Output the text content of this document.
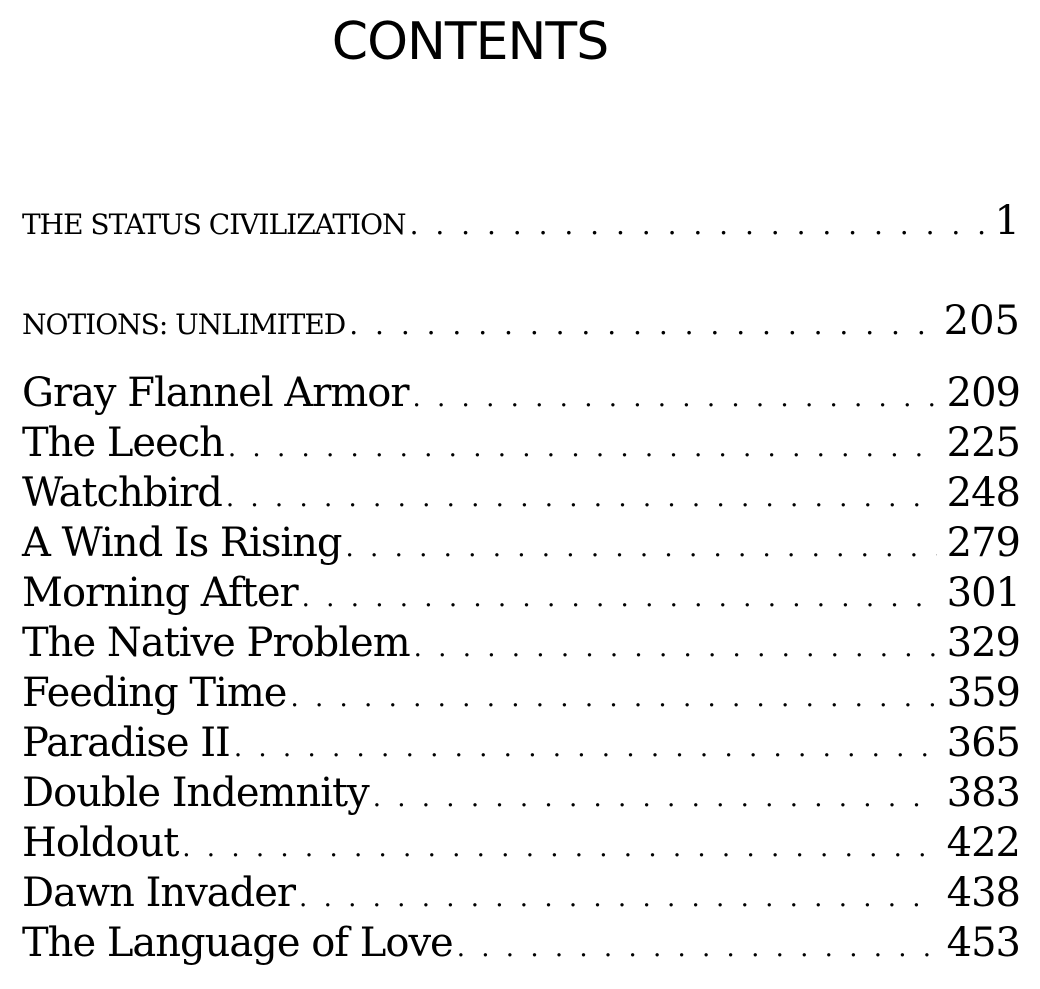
CONTENTS
THE STATUS CIVILIZATION . . .	1
NOTIONS: UNLIMITED . . .	205
Gray Flannel Armor . . .	209
The Leech . . .	225
Watchbird . . .	248
A Wind Is Rising . . .	279
Morning After . . .	301
The Native Problem . . .	329
Feeding Time . . .	359
Paradise II . . .	365
Double Indemnity . . .	383
Holdout . . .	422
Dawn Invader . . .	438
The Language of Love . . .	453
